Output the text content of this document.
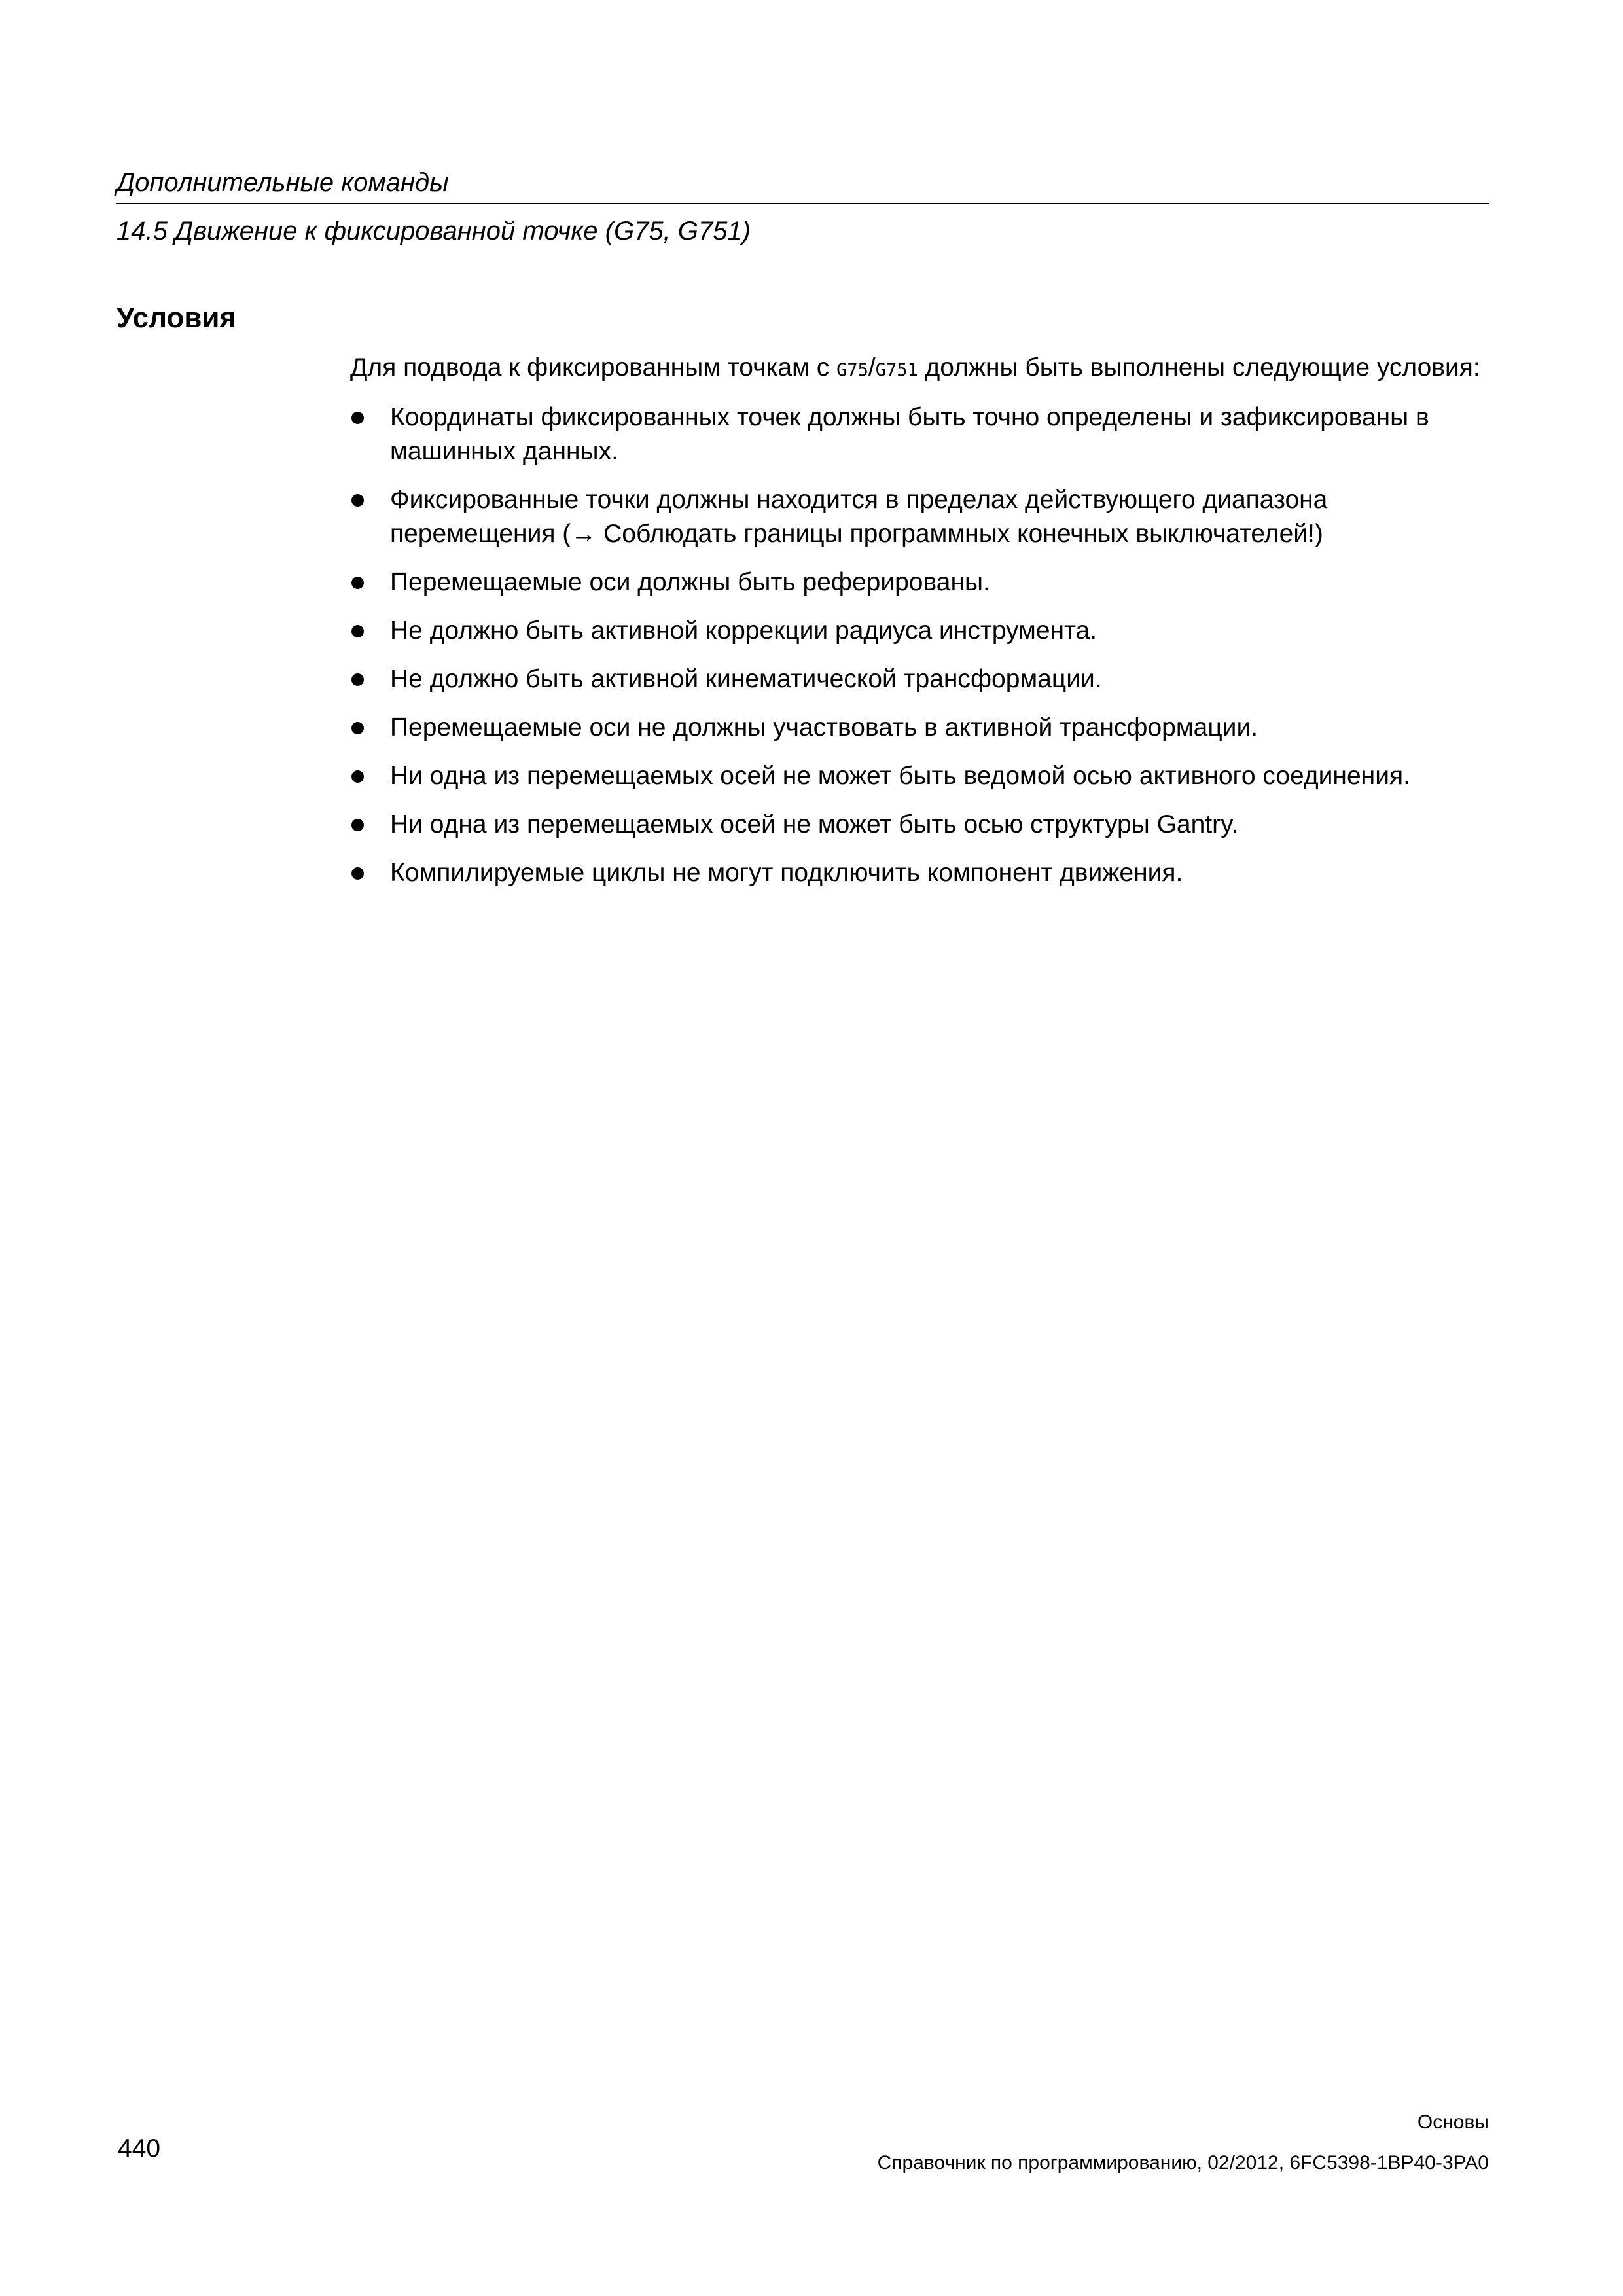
Дополнительные команды

14.5 Движение к фиксированной точке (G75, G751)

Условия

Для подвода к фиксированным точкам с G75/G751 должны быть выполнены следующие условия:

Координаты фиксированных точек должны быть точно определены и зафиксированы в машинных данных.
Фиксированные точки должны находится в пределах действующего диапазона перемещения (→ Соблюдать границы программных конечных выключателей!)
Перемещаемые оси должны быть реферированы.
Не должно быть активной коррекции радиуса инструмента.
Не должно быть активной кинематической трансформации.
Перемещаемые оси не должны участвовать в активной трансформации.
Ни одна из перемещаемых осей не может быть ведомой осью активного соединения.
Ни одна из перемещаемых осей не может быть осью структуры Gantry.
Компилируемые циклы не могут подключить компонент движения.
440
Основы
Справочник по программированию, 02/2012, 6FC5398-1BP40-3PA0
